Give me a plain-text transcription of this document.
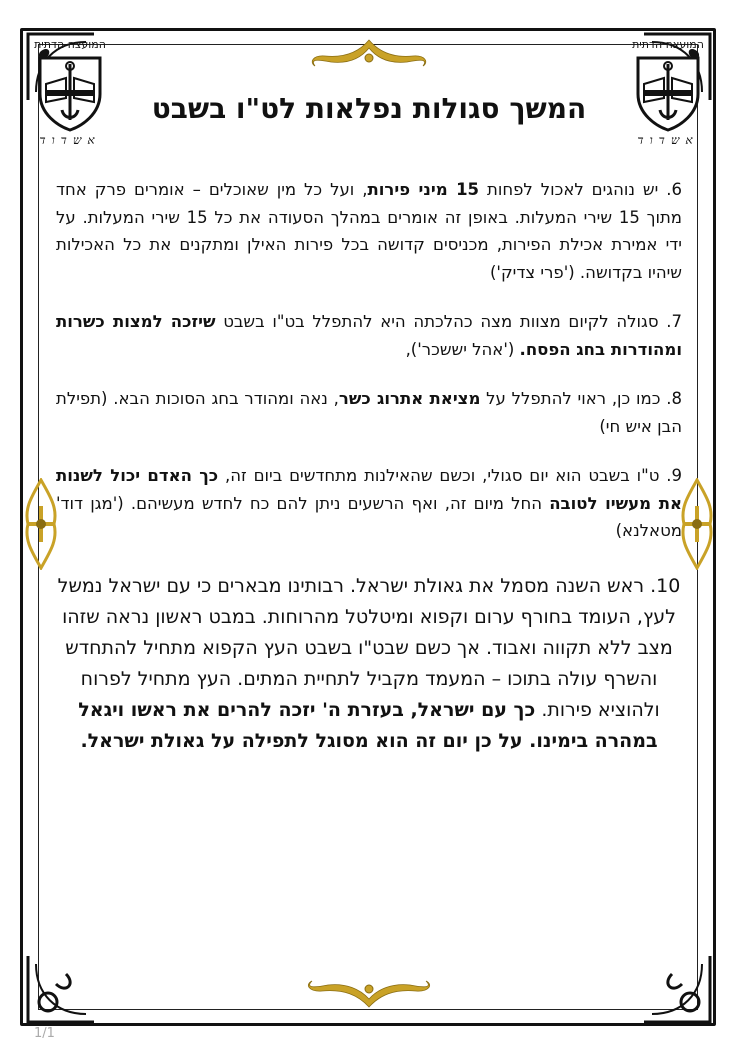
המועצה הדתית
אשדוד
המועצה הדתית
אשדוד
המשך סגולות נפלאות לט"ו בשבט

6. יש נוהגים לאכול לפחות 15 מיני פירות, ועל כל מין שאוכלים – אומרים פרק אחד מתוך 15 שירי המעלות. באופן זה אומרים במהלך הסעודה את כל 15 שירי המעלות. על ידי אמירת אכילת הפירות, מכניסים קדושה בכל פירות האילן ומתקנים את כל האכילות שיהיו בקדושה. ('פרי צדיק')

7. סגולה לקיום מצוות מצה כהלכתה היא להתפלל בט"ו בשבט שיזכה למצות כשרות ומהודרות בחג הפסח. ('אהל יששכר'),

8. כמו כן, ראוי להתפלל על מציאת אתרוג כשר, נאה ומהודר בחג הסוכות הבא. (תפילת הבן איש חי)

9. ט"ו בשבט הוא יום סגולי, וכשם שהאילנות מתחדשים ביום זה, כך האדם יכול לשנות את מעשיו לטובה החל מיום זה, ואף הרשעים ניתן להם כח לחדש מעשיהם. ('מגן דוד' מטאלנא)

10. ראש השנה מסמל את גאולת ישראל. רבותינו מבארים כי עם ישראל נמשל לעץ, העומד בחורף ערום וקפוא ומיטלטל מהרוחות. במבט ראשון נראה שזהו מצב ללא תקווה ואבוד. אך כשם שבט"ו בשבט העץ הקפוא מתחיל להתחדש והשרף עולה בתוכו – המעמד מקביל לתחיית המתים. העץ מתחיל לפרוח ולהוציא פירות. כך עם ישראל, בעזרת ה' יזכה להרים את ראשו ויגאל במהרה בימינו. על כן יום זה הוא מסוגל לתפילה על גאולת ישראל.

1/1
